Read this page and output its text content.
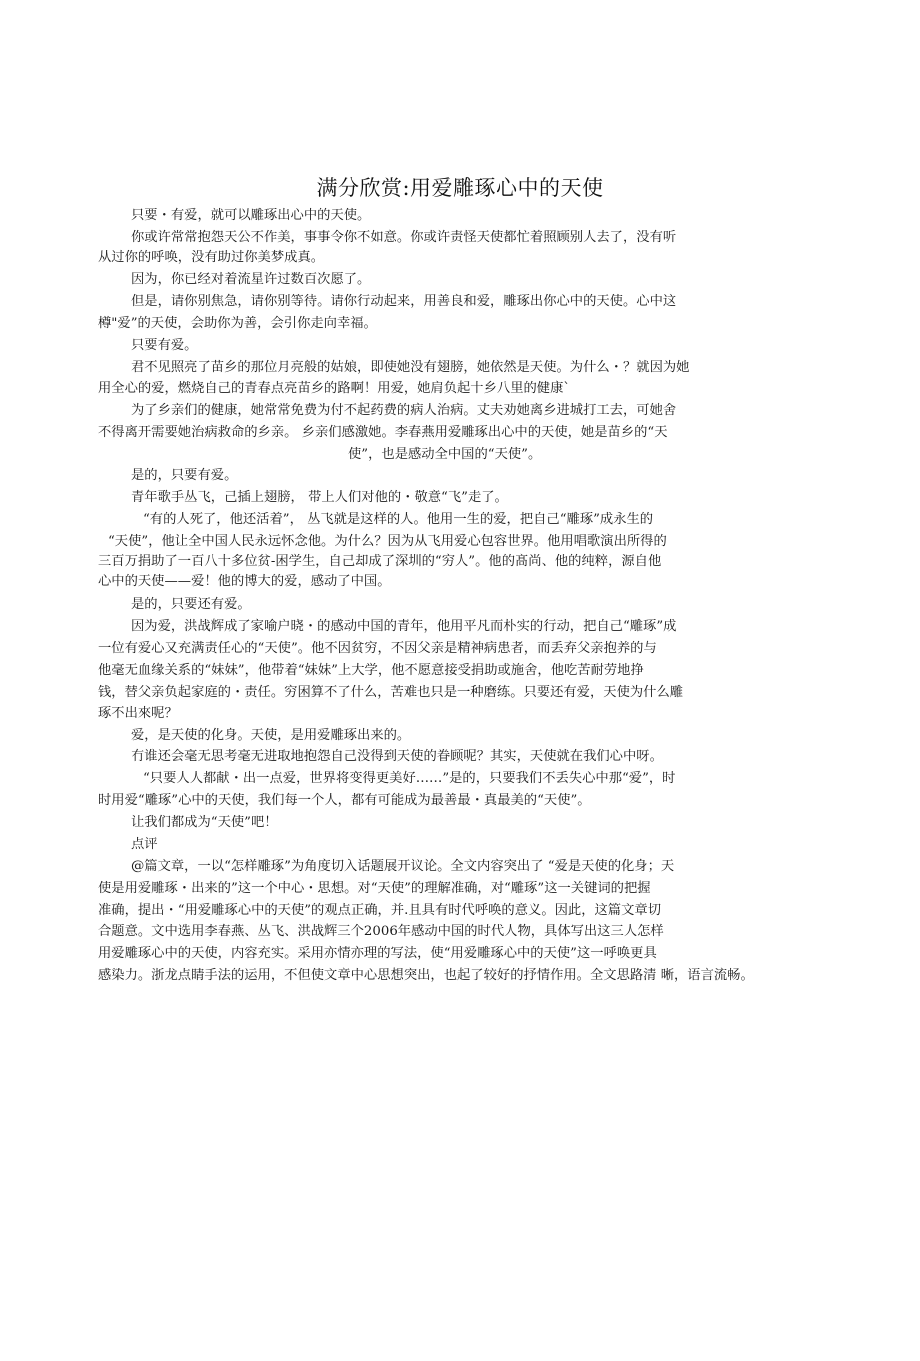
满分欣赏:用爱雕琢心中的天使
只要・有爱，就可以雕琢出心中的天使。
你或许常常抱怨天公不作美，事事令你不如意。你或许责怪天使都忙着照顾别人去了，没有听
从过你的呼唤，没有助过你美梦成真。
因为，你已经对着流星许过数百次愿了。
但是，请你别焦急，请你别等待。请你行动起来，用善良和爱，雕琢出你心中的天使。心中这
樽"爱”的天使，会助你为善，会引你走向幸福。
只要有爱。
君不见照亮了苗乡的那位月亮般的姑娘，即使她没有翅膀，她依然是天使。为什么・？就因为她
用全心的爱，燃烧自己的青春点亮苗乡的路啊！用爱，她肩负起十乡八里的健康`
为了乡亲们的健康，她常常免费为付不起药费的病人治病。丈夫劝她离乡进城打工去，可她舍
不得离开需要她治病救命的乡亲。 乡亲们感激她。李春燕用爱雕琢出心中的天使，她是苗乡的“天
使”，也是感动全中国的“天使”。
是的，只要有爱。
青年歌手丛飞，己插上翅膀， 带上人们对他的・敬意“飞”走了。
“有的人死了，他还活着”， 丛飞就是这样的人。他用一生的爱，把自己“雕琢”成永生的
“天使”，他让全中国人民永远怀念他。为什么？因为从飞用爱心包容世界。他用唱歌演出所得的
三百万捐助了一百八十多位贫-困学生，自己却成了深圳的“穷人”。他的髙尚、他的纯粹，源自他
心中的天使——爱！他的博大的爱，感动了中国。
是的，只要还有爱。
因为爱，洪战辉成了家喻户晓・的感动中国的青年，他用平凡而朴实的行动，把自己“雕琢”成
一位有爱心又充满责任心的“天使”。他不因贫穷，不因父亲是精神病患者，而丢弃父亲抱养的与
他毫无血缘关系的“妹妹”，他带着“妹妹”上大学，他不愿意接受捐助或施舍，他吃苦耐劳地挣
钱，替父亲负起家庭的・责任。穷困算不了什么，苦难也只是一种磨练。只要还有爱，天使为什么雕
琢不出來呢？
爱，是天使的化身。天使，是用爱雕琢出来的。
冇谁还会毫无思考毫无进取地抱怨自己没得到天使的眷顾呢？其实，天使就在我们心中呀。
“只要人人都献・出一点爱，世界将变得更美好……”是的，只要我们不丢失心中那“爱”，时
时用爱“雕琢”心中的天使，我们每一个人，都有可能成为最善最・真最美的“天使”。
让我们都成为“天使”吧！
点评
@篇文章，一以“怎样雕琢”为角度切入话题展开议论。全文内容突出了 “爱是天使的化身；天
使是用爱雕琢・出来的”这一个中心・思想。对“天使”的理解准确，对“雕琢”这一关键词的把握
准确，提出・“用爱雕琢心中的天使”的观点正确，并.且具有时代呼唤的意义。因此，这篇文章切
合题意。文中选用李春燕、丛飞、洪战辉三个2006年感动中国的时代人物，具体写出这三人怎样
用爱雕琢心中的天使，内容充实。采用亦情亦理的写法，使“用爱雕琢心中的天使”这一呼唤更具
感染力。浙龙点睛手法的运用，不但使文章中心思想突出，也起了较好的抒情作用。全文思路清 晰，语言流畅。
